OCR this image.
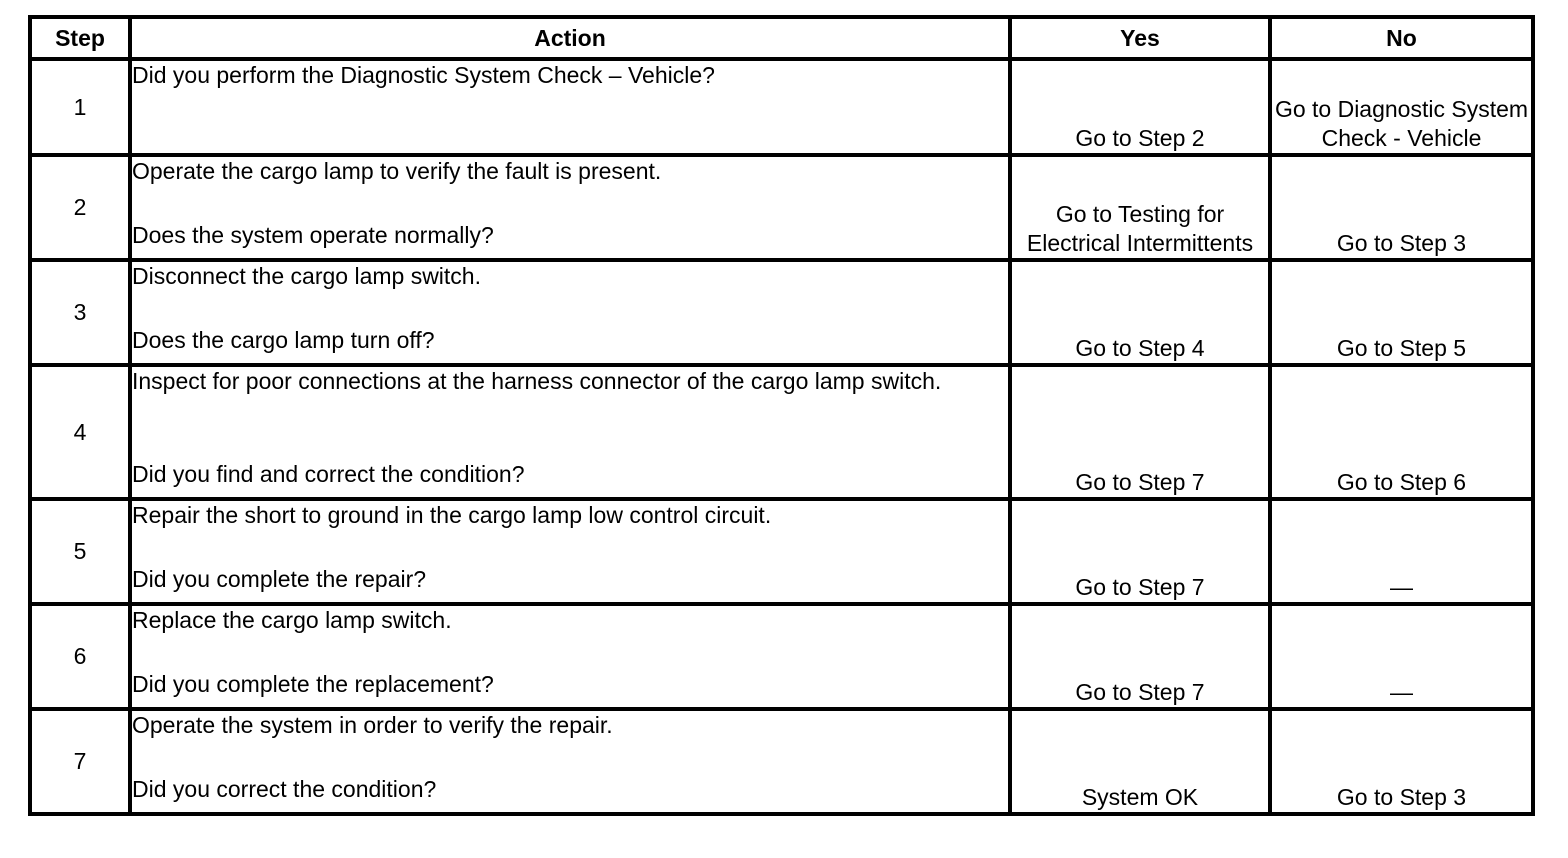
Step	Action	Yes	No
1	Did you perform the Diagnostic System Check – Vehicle?	Go to Step 2	Go to Diagnostic System Check - Vehicle
2	Operate the cargo lamp to verify the fault is present.
Does the system operate normally?	Go to Testing for Electrical Intermittents	Go to Step 3
3	Disconnect the cargo lamp switch.
Does the cargo lamp turn off?	Go to Step 4	Go to Step 5
4	Inspect for poor connections at the harness connector of the cargo lamp switch.
Did you find and correct the condition?	Go to Step 7	Go to Step 6
5	Repair the short to ground in the cargo lamp low control circuit.
Did you complete the repair?	Go to Step 7	—
6	Replace the cargo lamp switch.
Did you complete the replacement?	Go to Step 7	—
7	Operate the system in order to verify the repair.
Did you correct the condition?	System OK	Go to Step 3
